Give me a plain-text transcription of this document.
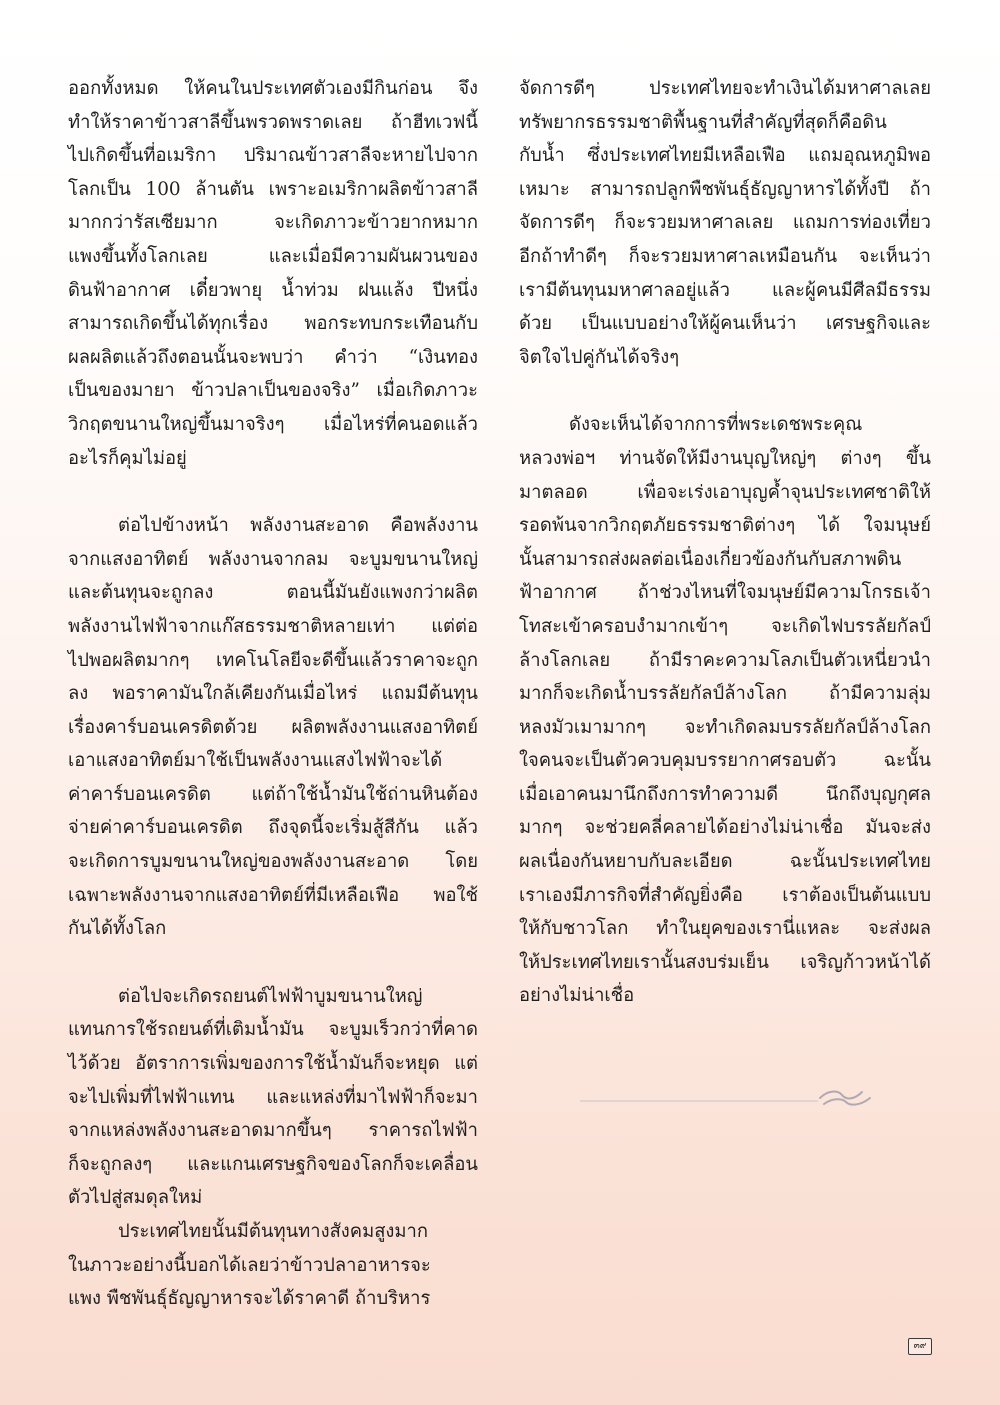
ออกทั้งหมด ให้คนในประเทศตัวเองมีกินก่อน จึง
ทำให้ราคาข้าวสาลีขึ้นพรวดพราดเลย ถ้าฮีทเวฟนี้
ไปเกิดขึ้นที่อเมริกา ปริมาณข้าวสาลีจะหายไปจาก
โลกเป็น 100 ล้านตัน เพราะอเมริกาผลิตข้าวสาลี
มากกว่ารัสเซียมาก จะเกิดภาวะข้าวยากหมาก
แพงขึ้นทั้งโลกเลย และเมื่อมีความผันผวนของ
ดินฟ้าอากาศ เดี๋ยวพายุ น้ำท่วม ฝนแล้ง ปีหนึ่ง
สามารถเกิดขึ้นได้ทุกเรื่อง พอกระทบกระเทือนกับ
ผลผลิตแล้วถึงตอนนั้นจะพบว่า คำว่า “เงินทอง
เป็นของมายา ข้าวปลาเป็นของจริง” เมื่อเกิดภาวะ
วิกฤตขนานใหญ่ขึ้นมาจริงๆ เมื่อไหร่ที่คนอดแล้ว
อะไรก็คุมไม่อยู่

ต่อไปข้างหน้า พลังงานสะอาด คือพลังงาน
จากแสงอาทิตย์ พลังงานจากลม จะบูมขนานใหญ่
และต้นทุนจะถูกลง ตอนนี้มันยังแพงกว่าผลิต
พลังงานไฟฟ้าจากแก๊สธรรมชาติหลายเท่า แต่ต่อ
ไปพอผลิตมากๆ เทคโนโลยีจะดีขึ้นแล้วราคาจะถูก
ลง พอราคามันใกล้เคียงกันเมื่อไหร่ แถมมีต้นทุน
เรื่องคาร์บอนเครดิตด้วย ผลิตพลังงานแสงอาทิตย์
เอาแสงอาทิตย์มาใช้เป็นพลังงานแสงไฟฟ้าจะได้
ค่าคาร์บอนเครดิต แต่ถ้าใช้น้ำมันใช้ถ่านหินต้อง
จ่ายค่าคาร์บอนเครดิต ถึงจุดนี้จะเริ่มสู้สีกัน แล้ว
จะเกิดการบูมขนานใหญ่ของพลังงานสะอาด โดย
เฉพาะพลังงานจากแสงอาทิตย์ที่มีเหลือเฟือ พอใช้
กันได้ทั้งโลก

ต่อไปจะเกิดรถยนต์ไฟฟ้าบูมขนานใหญ่
แทนการใช้รถยนต์ที่เติมน้ำมัน จะบูมเร็วกว่าที่คาด
ไว้ด้วย อัตราการเพิ่มของการใช้น้ำมันก็จะหยุด แต่
จะไปเพิ่มที่ไฟฟ้าแทน และแหล่งที่มาไฟฟ้าก็จะมา
จากแหล่งพลังงานสะอาดมากขึ้นๆ ราคารถไฟฟ้า
ก็จะถูกลงๆ และแกนเศรษฐกิจของโลกก็จะเคลื่อน
ตัวไปสู่สมดุลใหม่

ประเทศไทยนั้นมีต้นทุนทางสังคมสูงมาก
ในภาวะอย่างนี้บอกได้เลยว่าข้าวปลาอาหารจะ
แพง พืชพันธุ์ธัญญาหารจะได้ราคาดี ถ้าบริหาร

จัดการดีๆ ประเทศไทยจะทำเงินได้มหาศาลเลย
ทรัพยากรธรรมชาติพื้นฐานที่สำคัญที่สุดก็คือดิน
กับน้ำ ซึ่งประเทศไทยมีเหลือเฟือ แถมอุณหภูมิพอ
เหมาะ สามารถปลูกพืชพันธุ์ธัญญาหารได้ทั้งปี ถ้า
จัดการดีๆ ก็จะรวยมหาศาลเลย แถมการท่องเที่ยว
อีกถ้าทำดีๆ ก็จะรวยมหาศาลเหมือนกัน จะเห็นว่า
เรามีต้นทุนมหาศาลอยู่แล้ว และผู้คนมีศีลมีธรรม
ด้วย เป็นแบบอย่างให้ผู้คนเห็นว่า เศรษฐกิจและ
จิตใจไปคู่กันได้จริงๆ

ดังจะเห็นได้จากการที่พระเดชพระคุณ
หลวงพ่อฯ ท่านจัดให้มีงานบุญใหญ่ๆ ต่างๆ ขึ้น
มาตลอด เพื่อจะเร่งเอาบุญค้ำจุนประเทศชาติให้
รอดพ้นจากวิกฤตภัยธรรมชาติต่างๆ ได้ ใจมนุษย์
นั้นสามารถส่งผลต่อเนื่องเกี่ยวข้องกันกับสภาพดิน
ฟ้าอากาศ ถ้าช่วงไหนที่ใจมนุษย์มีความโกรธเจ้า
โทสะเข้าครอบงำมากเข้าๆ จะเกิดไฟบรรลัยกัลป์
ล้างโลกเลย ถ้ามีราคะความโลภเป็นตัวเหนี่ยวนำ
มากก็จะเกิดน้ำบรรลัยกัลป์ล้างโลก ถ้ามีความลุ่ม
หลงมัวเมามากๆ จะทำเกิดลมบรรลัยกัลป์ล้างโลก
ใจคนจะเป็นตัวควบคุมบรรยากาศรอบตัว ฉะนั้น
เมื่อเอาคนมานึกถึงการทำความดี นึกถึงบุญกุศล
มากๆ จะช่วยคลี่คลายได้อย่างไม่น่าเชื่อ มันจะส่ง
ผลเนื่องกันหยาบกับละเอียด ฉะนั้นประเทศไทย
เราเองมีภารกิจที่สำคัญยิ่งคือ เราต้องเป็นต้นแบบ
ให้กับชาวโลก ทำในยุคของเรานี่แหละ จะส่งผล
ให้ประเทศไทยเรานั้นสงบร่มเย็น เจริญก้าวหน้าได้
อย่างไม่น่าเชื่อ

๓๙
